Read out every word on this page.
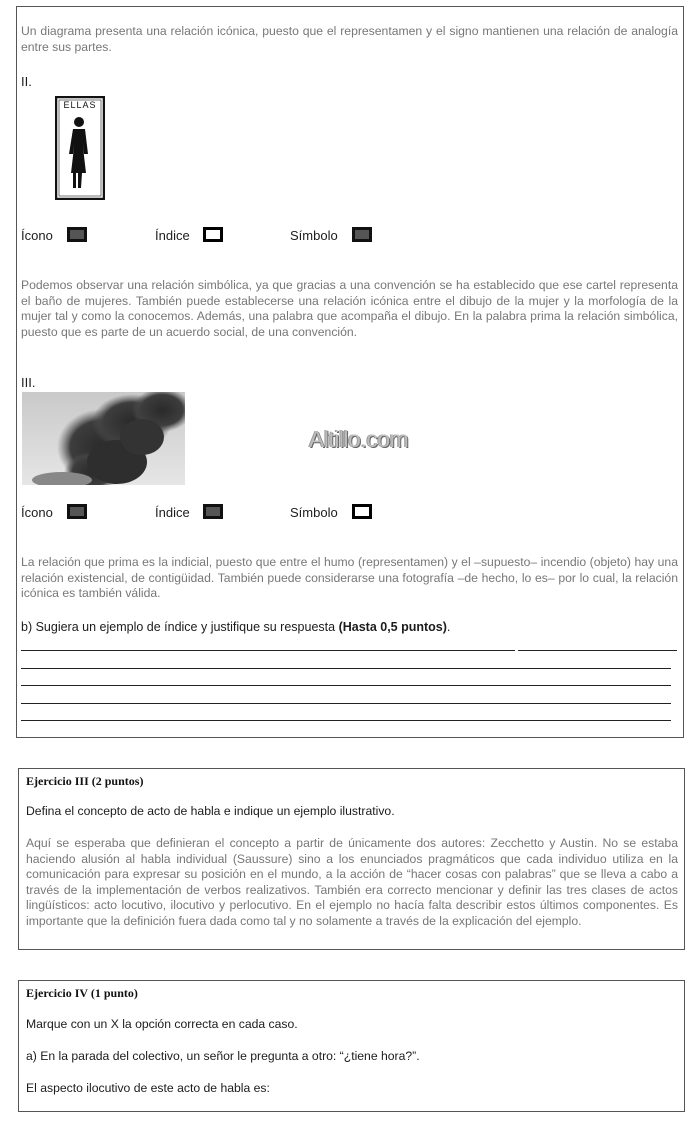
Un diagrama presenta una relación icónica, puesto que el representamen y el signo mantienen una relación de analogía entre sus partes.
II.
ELLAS
Ícono	Índice	Símbolo
Podemos observar una relación simbólica, ya que gracias a una convención se ha establecido que ese cartel representa el baño de mujeres. También puede establecerse una relación icónica entre el dibujo de la mujer y la morfología de la mujer tal y como la conocemos. Además, una palabra que acompaña el dibujo. En la palabra prima la relación simbólica, puesto que es parte de un acuerdo social, de una convención.
III.
Altillo.com
Ícono	Índice	Símbolo
La relación que prima es la indicial, puesto que entre el humo (representamen) y el –supuesto– incendio (objeto) hay una relación existencial, de contigüidad. También puede considerarse una fotografía –de hecho, lo es– por lo cual, la relación icónica es también válida.
b) Sugiera un ejemplo de índice y justifique su respuesta (Hasta 0,5 puntos).
Ejercicio III (2 puntos)
Defina el concepto de acto de habla e indique un ejemplo ilustrativo.
Aquí se esperaba que definieran el concepto a partir de únicamente dos autores: Zecchetto y Austin. No se estaba haciendo alusión al habla individual (Saussure) sino a los enunciados pragmáticos que cada individuo utiliza en la comunicación para expresar su posición en el mundo, a la acción de “hacer cosas con palabras” que se lleva a cabo a través de la implementación de verbos realizativos. También era correcto mencionar y definir las tres clases de actos lingüísticos: acto locutivo, ilocutivo y perlocutivo. En el ejemplo no hacía falta describir estos últimos componentes. Es importante que la definición fuera dada como tal y no solamente a través de la explicación del ejemplo.
Ejercicio IV (1 punto)
Marque con un X la opción correcta en cada caso.
a) En la parada del colectivo, un señor le pregunta a otro: “¿tiene hora?”.
El aspecto ilocutivo de este acto de habla es:
